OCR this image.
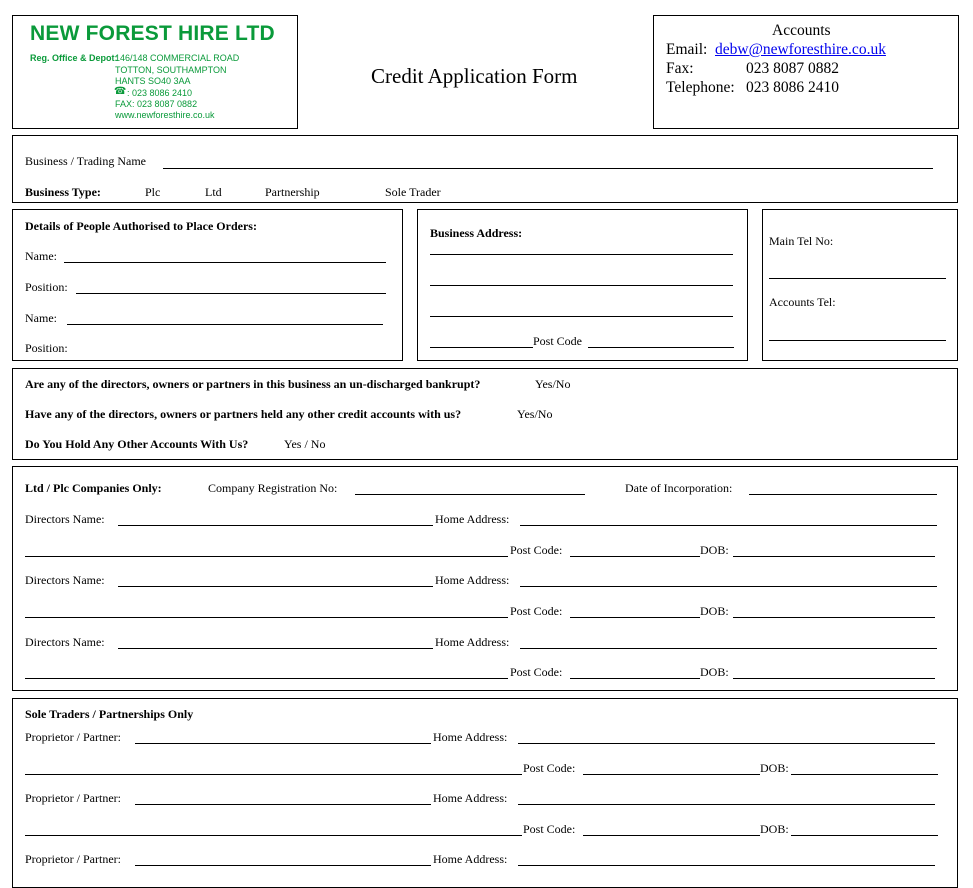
NEW FOREST HIRE LTD
Reg. Office & Depot:
146/148 COMMERCIAL ROAD
TOTTON, SOUTHAMPTON
HANTS SO40 3AA
☎ : 023 8086 2410
FAX: 023 8087 0882
www.newforesthire.co.uk
Credit Application Form
Accounts
Email: debw@newforesthire.co.uk
Fax:	023 8087 0882
Telephone: 023 8086 2410
Business / Trading Name
Business Type:	Plc	Ltd	Partnership	Sole Trader
Details of People Authorised to Place Orders:
Name:
Position:
Name:
Position:
Business Address:
Post Code
Main Tel No:
Accounts Tel:
Are any of the directors, owners or partners in this business an un-discharged bankrupt?	Yes/No
Have any of the directors, owners or partners held any other credit accounts with us?	Yes/No
Do You Hold Any Other Accounts With Us?	Yes / No
Ltd / Plc Companies Only:	Company Registration No:	Date of Incorporation:
Directors Name:	Home Address:
Post Code:	DOB:
Directors Name:	Home Address:
Post Code:	DOB:
Directors Name:	Home Address:
Post Code:	DOB:
Sole Traders / Partnerships Only
Proprietor / Partner:	Home Address:
Post Code:	DOB:
Proprietor / Partner:	Home Address:
Post Code:	DOB:
Proprietor / Partner:	Home Address:
